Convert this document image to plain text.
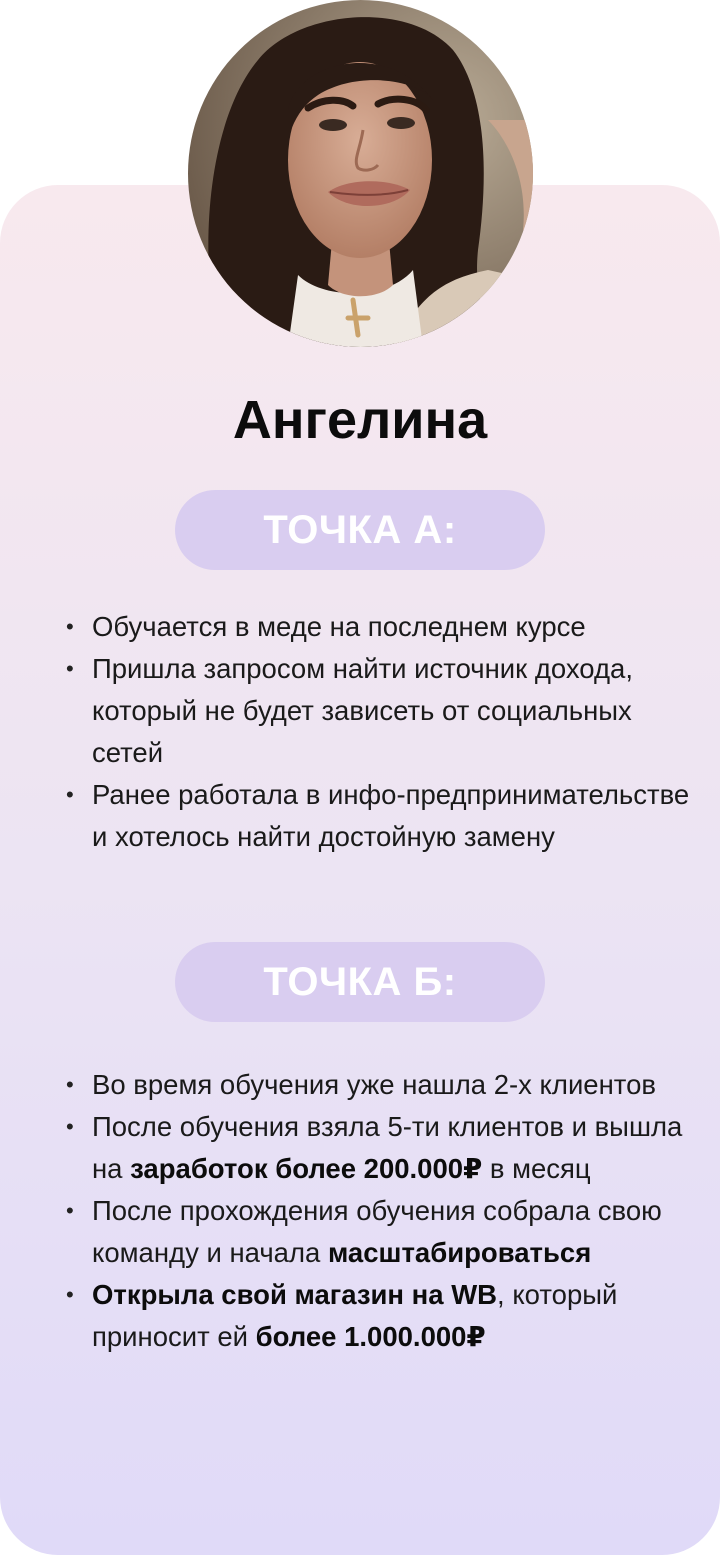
Ангелина
ТОЧКА А:
• Обучается в меде на последнем курсе
• Пришла запросом найти источник дохода, который не будет зависеть от социальных сетей
• Ранее работала в инфо-предпринимательстве и хотелось найти достойную замену
ТОЧКА Б:
• Во время обучения уже нашла 2-х клиентов
• После обучения взяла 5-ти клиентов и вышла на заработок более 200.000₽ в месяц
• После прохождения обучения собрала свою команду и начала масштабироваться
• Открыла свой магазин на WB, который приносит ей более 1.000.000₽
